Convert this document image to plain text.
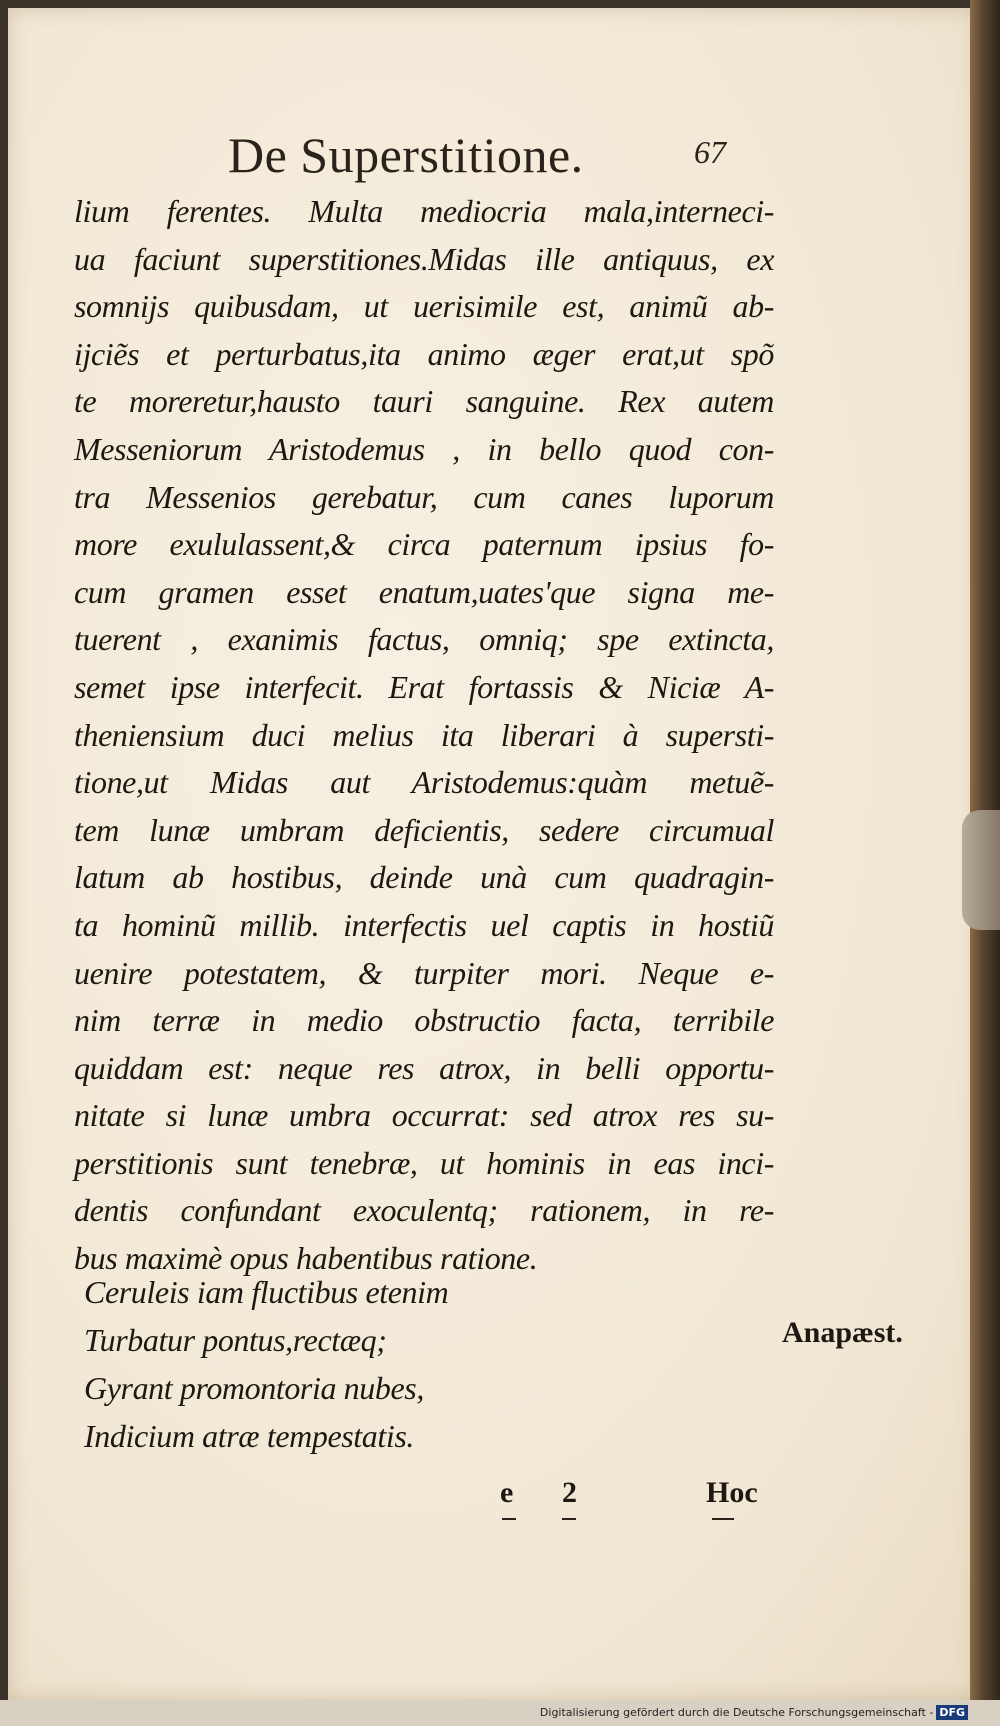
De Superstitione.	67
lium ferentes. Multa mediocria mala,interneci-
ua faciunt superstitiones.Midas ille antiquus, ex
somnijs quibusdam, ut uerisimile est, animũ ab-
ijciẽs et perturbatus,ita animo æger erat,ut spõ
te moreretur,hausto tauri sanguine. Rex autem
Messeniorum Aristodemus , in bello quod con-
tra Messenios gerebatur, cum canes luporum
more exululassent,& circa paternum ipsius fo-
cum gramen esset enatum,uates'que signa me-
tuerent , exanimis factus, omniq; spe extincta,
semet ipse interfecit. Erat fortassis & Niciæ A-
theniensium duci melius ita liberari à supersti-
tione,ut Midas aut Aristodemus:quàm metuẽ-
tem lunæ umbram deficientis, sedere circumual
latum ab hostibus, deinde unà cum quadragin-
ta hominũ millib. interfectis uel captis in hostiũ
uenire potestatem, & turpiter mori. Neque e-
nim terræ in medio obstructio facta, terribile
quiddam est: neque res atrox, in belli opportu-
nitate si lunæ umbra occurrat: sed atrox res su-
perstitionis sunt tenebræ, ut hominis in eas inci-
dentis confundant exoculentq; rationem, in re-
bus maximè opus habentibus ratione.
Ceruleis iam fluctibus etenim
Turbatur pontus,rectæq;
Gyrant promontoria nubes,
Indicium atræ tempestatis.
Anapæst.
e 2	Hoc
Digitalisierung gefördert durch die Deutsche Forschungsgemeinschaft - DFG
